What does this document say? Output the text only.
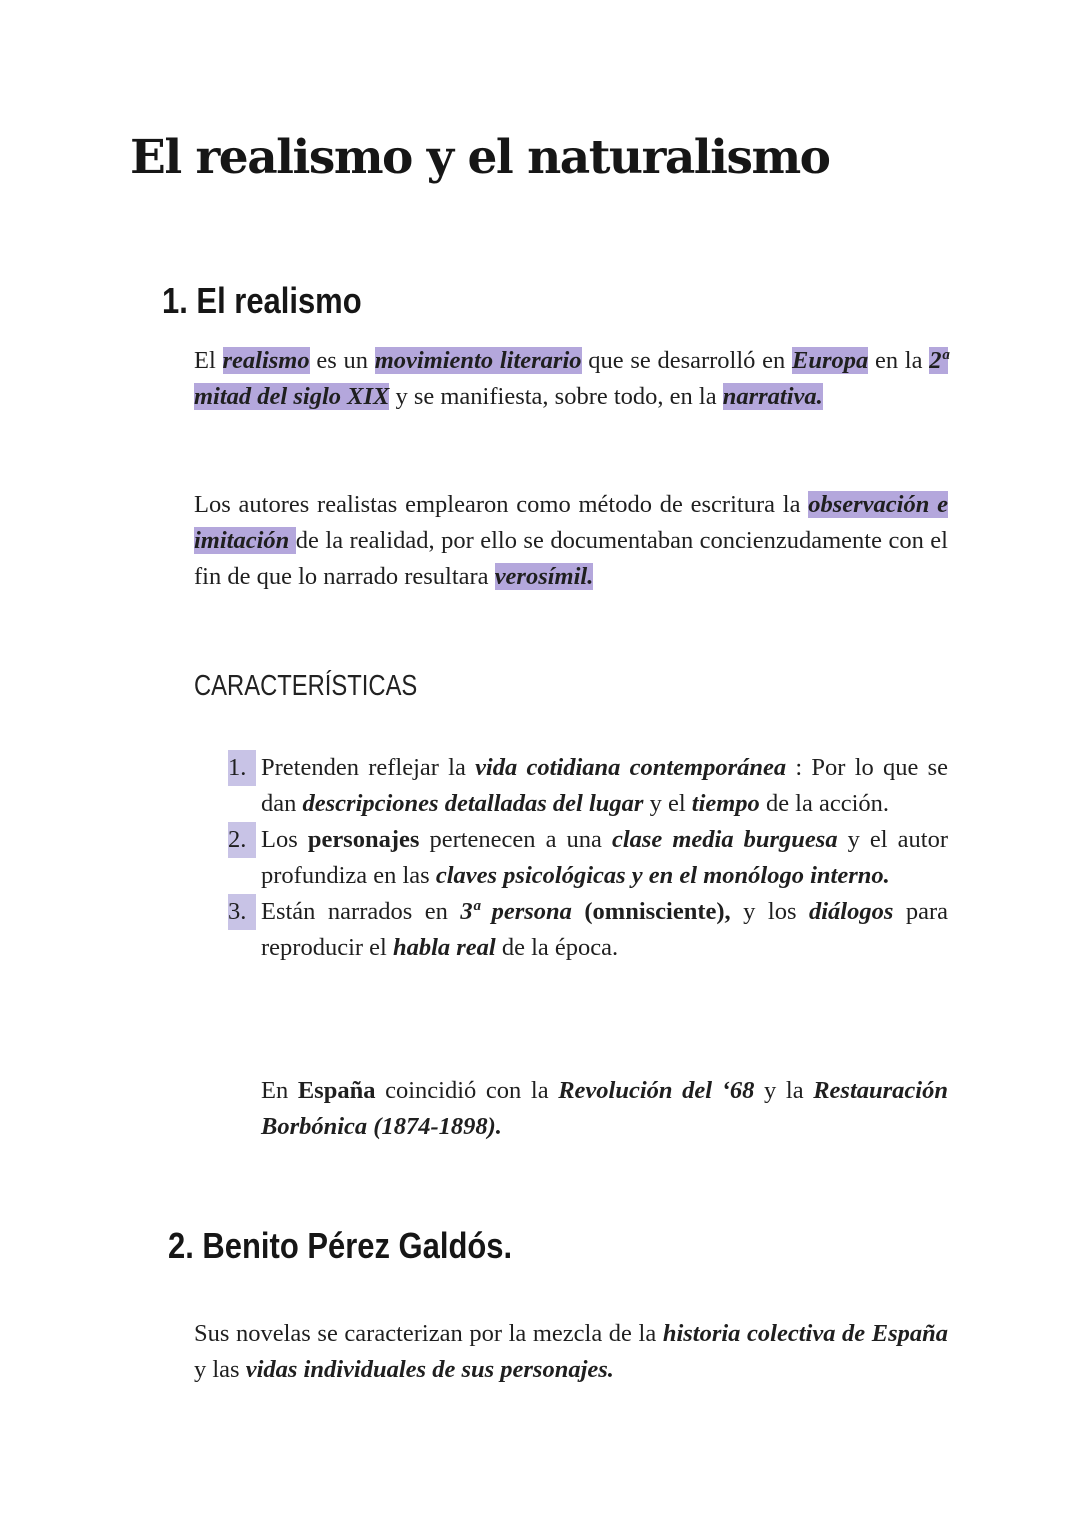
El realismo y el naturalismo
1. El realismo

El realismo es un movimiento literario que se desarrolló en Europa en la 2ª mitad del siglo XIX y se manifiesta, sobre todo, en la narrativa.

Los autores realistas emplearon como método de escritura la observación e imitación de la realidad, por ello se documentaban concienzudamente con el fin de que lo narrado resultara verosímil.

CARACTERÍSTICAS
1. Pretenden reflejar la vida cotidiana contemporánea : Por lo que se dan descripciones detalladas del lugar y el tiempo de la acción.
2. Los personajes pertenecen a una clase media burguesa y el autor profundiza en las claves psicológicas y en el monólogo interno.
3. Están narrados en 3ª persona (omnisciente), y los diálogos para reproducir el habla real de la época.

En España coincidió con la Revolución del ‘68 y la Restauración Borbónica (1874-1898).

2. Benito Pérez Galdós.

Sus novelas se caracterizan por la mezcla de la historia colectiva de España y las vidas individuales de sus personajes.
